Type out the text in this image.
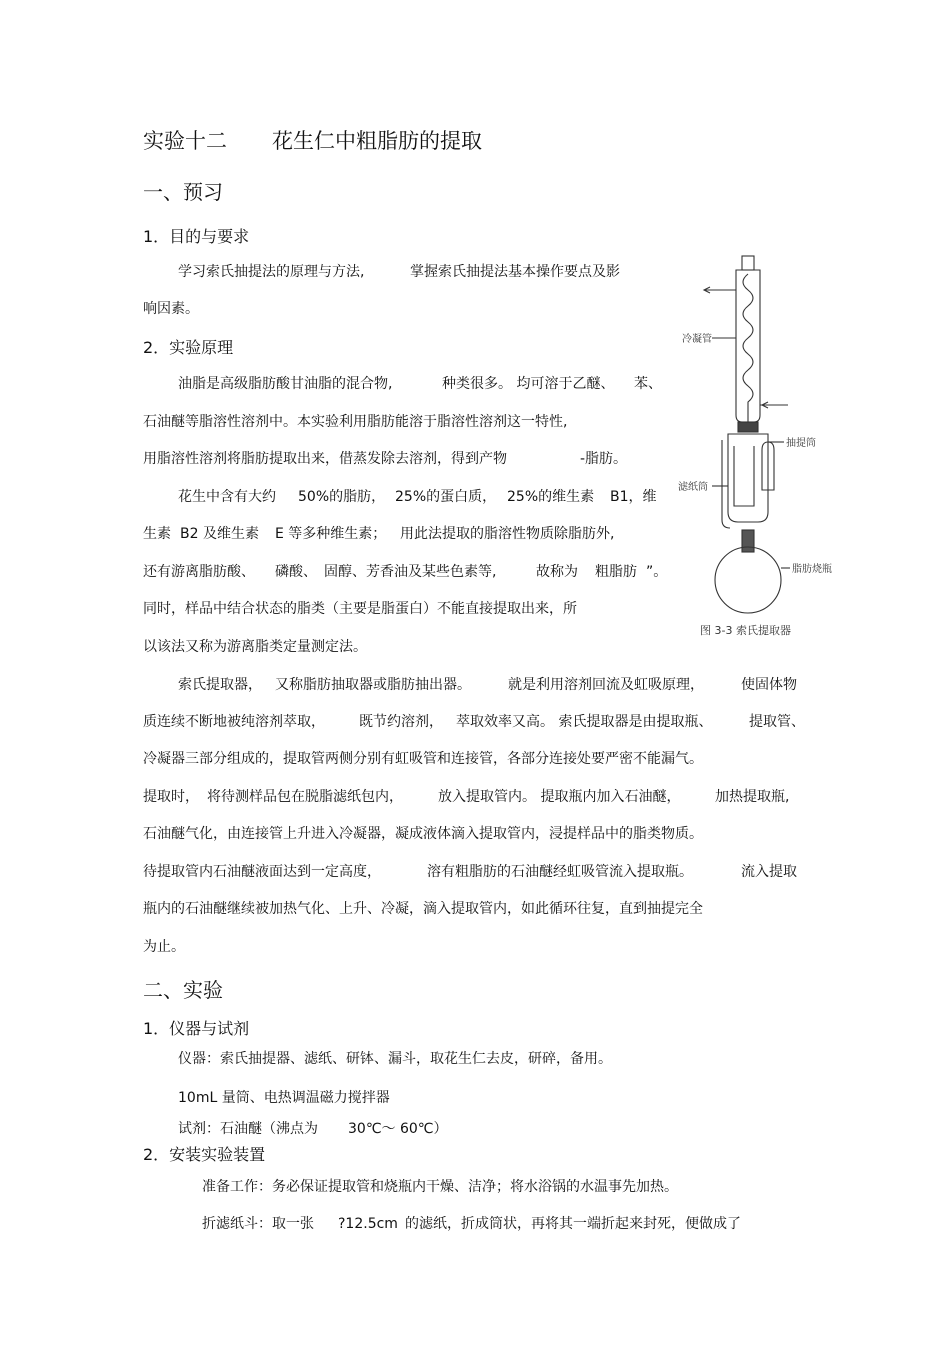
实验十二 花生仁中粗脂肪的提取
一、预习
1．目的与要求
学习索氏抽提法的原理与方法,	掌握索氏抽提法基本操作要点及影
响因素。
2．实验原理
油脂是高级脂肪酸甘油脂的混合物,	种类很多。 均可溶于乙醚、 苯、
石油醚等脂溶性溶剂中。本实验利用脂肪能溶于脂溶性溶剂这一特性,
用脂溶性溶剂将脂肪提取出来，借蒸发除去溶剂，得到产物	-脂肪。
花生中含有大约 50%的脂肪， 25%的蛋白质， 25%的维生素 B1，维
生素 B2 及维生素 E 等多种维生素； 用此法提取的脂溶性物质除脂肪外,
还有游离脂肪酸、 磷酸、 固醇、芳香油及某些色素等,	故称为 粗脂肪 ”。
同时，样品中结合状态的脂类（主要是脂蛋白）不能直接提取出来，所
以该法又称为游离脂类定量测定法。
索氏提取器， 又称脂肪抽取器或脂肪抽出器。	就是利用溶剂回流及虹吸原理，	使固体物
质连续不断地被纯溶剂萃取， 既节约溶剂， 萃取效率又高。 索氏提取器是由提取瓶、	提取管、
冷凝器三部分组成的，提取管两侧分别有虹吸管和连接管，各部分连接处要严密不能漏气。
提取时， 将待测样品包在脱脂滤纸包内，	放入提取管内。 提取瓶内加入石油醚， 加热提取瓶,
石油醚气化，由连接管上升进入冷凝器，凝成液体滴入提取管内，浸提样品中的脂类物质。
待提取管内石油醚液面达到一定高度，	溶有粗脂肪的石油醚经虹吸管流入提取瓶。	流入提取
瓶内的石油醚继续被加热气化、上升、冷凝，滴入提取管内，如此循环往复，直到抽提完全
为止。
二、实验
1．仪器与试剂
仪器：索氏抽提器、滤纸、研钵、漏斗，取花生仁去皮，研碎，备用。
10mL 量筒、电热调温磁力搅拌器
试剂：石油醚（沸点为 30℃～ 60℃）
2．安装实验装置
准备工作：务必保证提取管和烧瓶内干燥、洁净；将水浴锅的水温事先加热。
折滤纸斗：取一张 ?12.5cm 的滤纸，折成筒状，再将其一端折起来封死，便做成了
冷凝管
抽提筒
滤纸筒
脂肪烧瓶
图 3-3 索氏提取器
